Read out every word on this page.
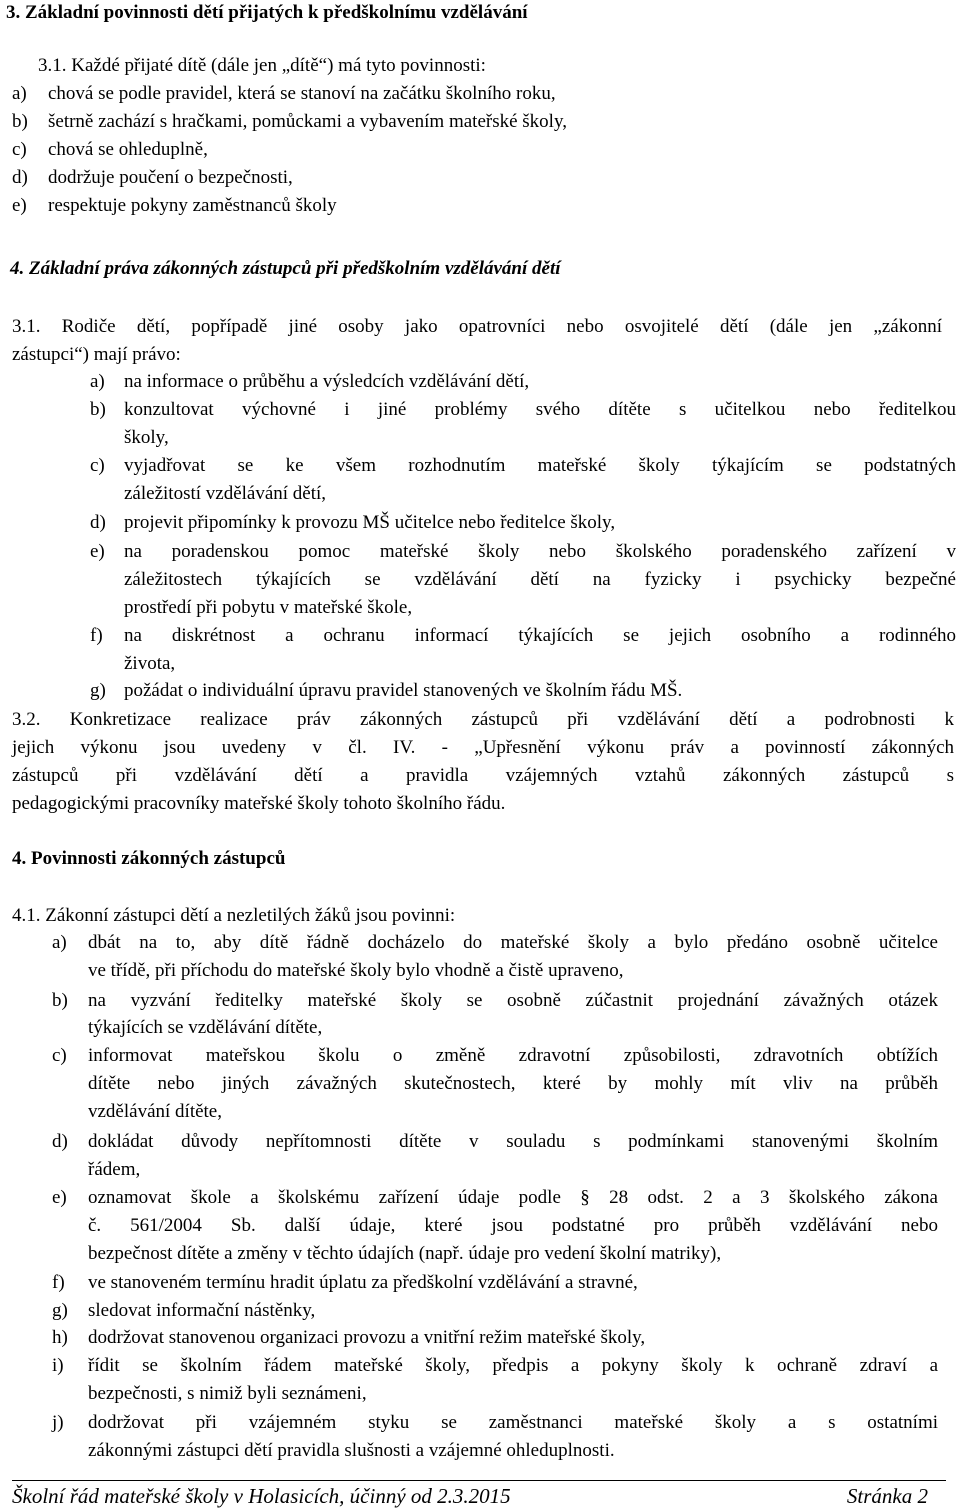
3. Základní povinnosti dětí přijatých k předškolnímu vzdělávání
3.1. Každé přijaté dítě (dále jen „dítě“) má tyto povinnosti:
a)	chová se podle pravidel, která se stanoví na začátku školního roku,
b)	šetrně zachází s hračkami, pomůckami a vybavením mateřské školy,
c)	chová se ohleduplně,
d)	dodržuje poučení o bezpečnosti,
e)	respektuje pokyny zaměstnanců školy
4. Základní práva zákonných zástupců při předškolním vzdělávání dětí
3.1. Rodiče dětí, popřípadě jiné osoby jako opatrovníci nebo osvojitelé dětí (dále jen „zákonní
zástupci“) mají právo:
a)	na informace o průběhu a výsledcích vzdělávání dětí,
b) konzultovat výchovné i jiné problémy svého dítěte s učitelkou nebo ředitelkou
školy,
c)	vyjadřovat se ke všem rozhodnutím mateřské školy týkajícím se podstatných
záležitostí vzdělávání dětí,
d) projevit připomínky k provozu MŠ učitelce nebo ředitelce školy,
e)	na poradenskou pomoc mateřské školy nebo školského poradenského zařízení v
záležitostech týkajících se vzdělávání dětí na fyzicky i psychicky bezpečné
prostředí při pobytu v mateřské škole,
f)	na diskrétnost a ochranu informací týkajících se jejich osobního a rodinného
života,
g) požádat o individuální úpravu pravidel stanovených ve školním řádu MŠ.
3.2. Konkretizace realizace práv zákonných zástupců při vzdělávání dětí a podrobnosti k
jejich výkonu jsou uvedeny v čl. IV. - „Upřesnění výkonu práv a povinností zákonných
zástupců při vzdělávání dětí a pravidla vzájemných vztahů zákonných zástupců s
pedagogickými pracovníky mateřské školy tohoto školního řádu.
4. Povinnosti zákonných zástupců
4.1. Zákonní zástupci dětí a nezletilých žáků jsou povinni:
a)	dbát na to, aby dítě řádně docházelo do mateřské školy a bylo předáno osobně učitelce
ve třídě, při příchodu do mateřské školy bylo vhodně a čistě upraveno,
b)	na vyzvání ředitelky mateřské školy se osobně zúčastnit projednání závažných otázek
týkajících se vzdělávání dítěte,
c)	informovat mateřskou školu o změně zdravotní způsobilosti, zdravotních obtížích
dítěte nebo jiných závažných skutečnostech, které by mohly mít vliv na průběh
vzdělávání dítěte,
d)	dokládat důvody nepřítomnosti dítěte v souladu s podmínkami stanovenými školním
řádem,
e)	oznamovat škole a školskému zařízení údaje podle § 28 odst. 2 a 3 školského zákona
č. 561/2004 Sb. další údaje, které jsou podstatné pro průběh vzdělávání nebo
bezpečnost dítěte a změny v těchto údajích (např. údaje pro vedení školní matriky),
f)	ve stanoveném termínu hradit úplatu za předškolní vzdělávání a stravné,
g)	sledovat informační nástěnky,
h)	dodržovat stanovenou organizaci provozu a vnitřní režim mateřské školy,
i)	řídit se školním řádem mateřské školy, předpis a pokyny školy k ochraně zdraví a
bezpečnosti, s nimiž byli seznámeni,
j)	dodržovat při vzájemném styku se zaměstnanci mateřské školy a s ostatními
zákonnými zástupci dětí pravidla slušnosti a vzájemné ohleduplnosti.
Školní řád mateřské školy v Holasicích, účinný od 2.3.2015	Stránka 2
